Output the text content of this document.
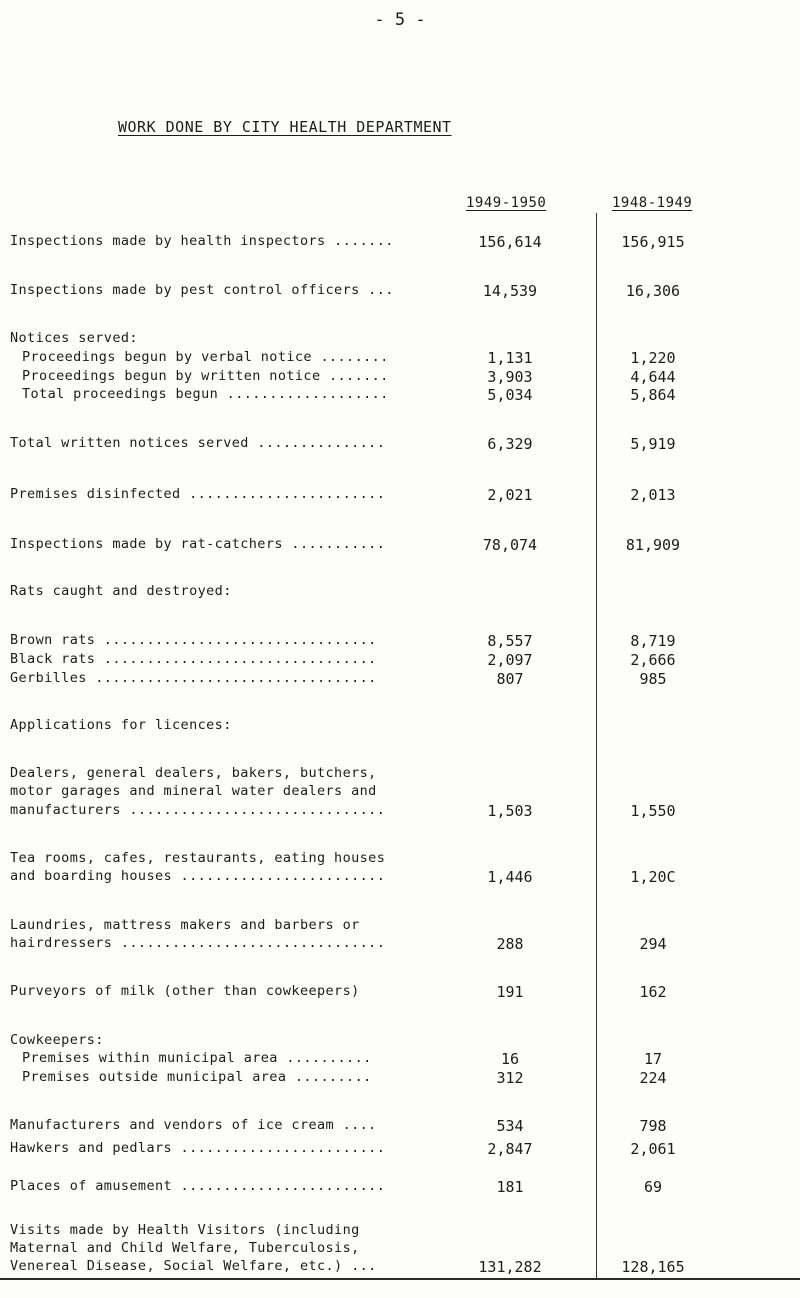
- 5 -
WORK DONE BY CITY HEALTH DEPARTMENT
1949-1950	1948-1949
Inspections made by health inspectors .......	156,614	156,915
Inspections made by pest control officers ...	14,539	16,306
Notices served:
Proceedings begun by verbal notice ........	1,131	1,220
Proceedings begun by written notice .......	3,903	4,644
Total proceedings begun ...................	5,034	5,864
Total written notices served ...............	6,329	5,919
Premises disinfected .......................	2,021	2,013
Inspections made by rat-catchers ...........	78,074	81,909
Rats caught and destroyed:
Brown rats ................................	8,557	8,719
Black rats ................................	2,097	2,666
Gerbilles .................................	807	985
Applications for licences:
Dealers, general dealers, bakers, butchers,
motor garages and mineral water dealers and
manufacturers ..............................	1,503	1,550
Tea rooms, cafes, restaurants, eating houses
and boarding houses ........................	1,446	1,20C
Laundries, mattress makers and barbers or
hairdressers ...............................	288	294
Purveyors of milk (other than cowkeepers)	191	162
Cowkeepers:
Premises within municipal area ..........	16	17
Premises outside municipal area .........	312	224
Manufacturers and vendors of ice cream ....	534	798
Hawkers and pedlars ........................	2,847	2,061
Places of amusement ........................	181	69
Visits made by Health Visitors (including
Maternal and Child Welfare, Tuberculosis,
Venereal Disease, Social Welfare, etc.) ...	131,282	128,165
